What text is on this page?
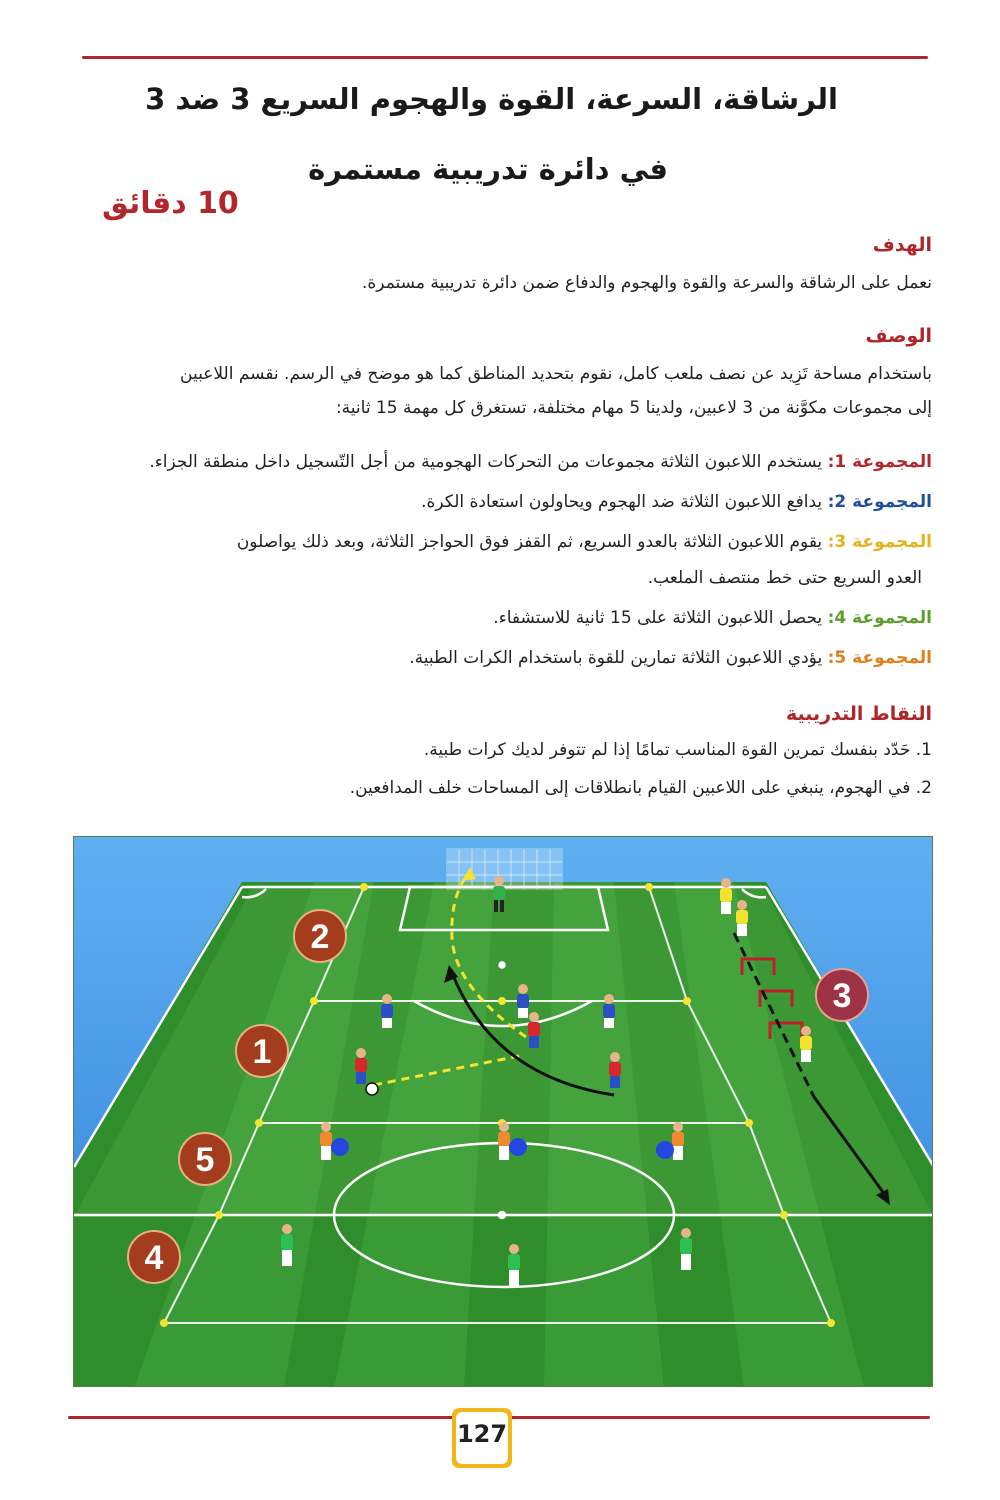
الرشاقة، السرعة، القوة والهجوم السريع 3 ضد 3
في دائرة تدريبية مستمرة
10 دقائق
الهدف
نعمل على الرشاقة والسرعة والقوة والهجوم والدفاع ضمن دائرة تدريبية مستمرة.
الوصف
باستخدام مساحة تَزِيد عن نصف ملعب كامل، نقوم بتحديد المناطق كما هو موضح في الرسم. نقسم اللاعبين
إلى مجموعات مكوَّنة من 3 لاعبين، ولدينا 5 مهام مختلفة، تستغرق كل مهمة 15 ثانية:
المجموعة 1: يستخدم اللاعبون الثلاثة مجموعات من التحركات الهجومية من أجل التّسجيل داخل منطقة الجزاء.
المجموعة 2: يدافع اللاعبون الثلاثة ضد الهجوم ويحاولون استعادة الكرة.
المجموعة 3: يقوم اللاعبون الثلاثة بالعدو السريع، ثم القفز فوق الحواجز الثلاثة، وبعد ذلك يواصلون
العدو السريع حتى خط منتصف الملعب.
المجموعة 4: يحصل اللاعبون الثلاثة على 15 ثانية للاستشفاء.
المجموعة 5: يؤدي اللاعبون الثلاثة تمارين للقوة باستخدام الكرات الطبية.
النقاط التدريبية
1. حَدّد بنفسك تمرين القوة المناسب تمامًا إذا لم تتوفر لديك كرات طبية.
2. في الهجوم، ينبغي على اللاعبين القيام بانطلاقات إلى المساحات خلف المدافعين.
2
1
3
5
4
127
